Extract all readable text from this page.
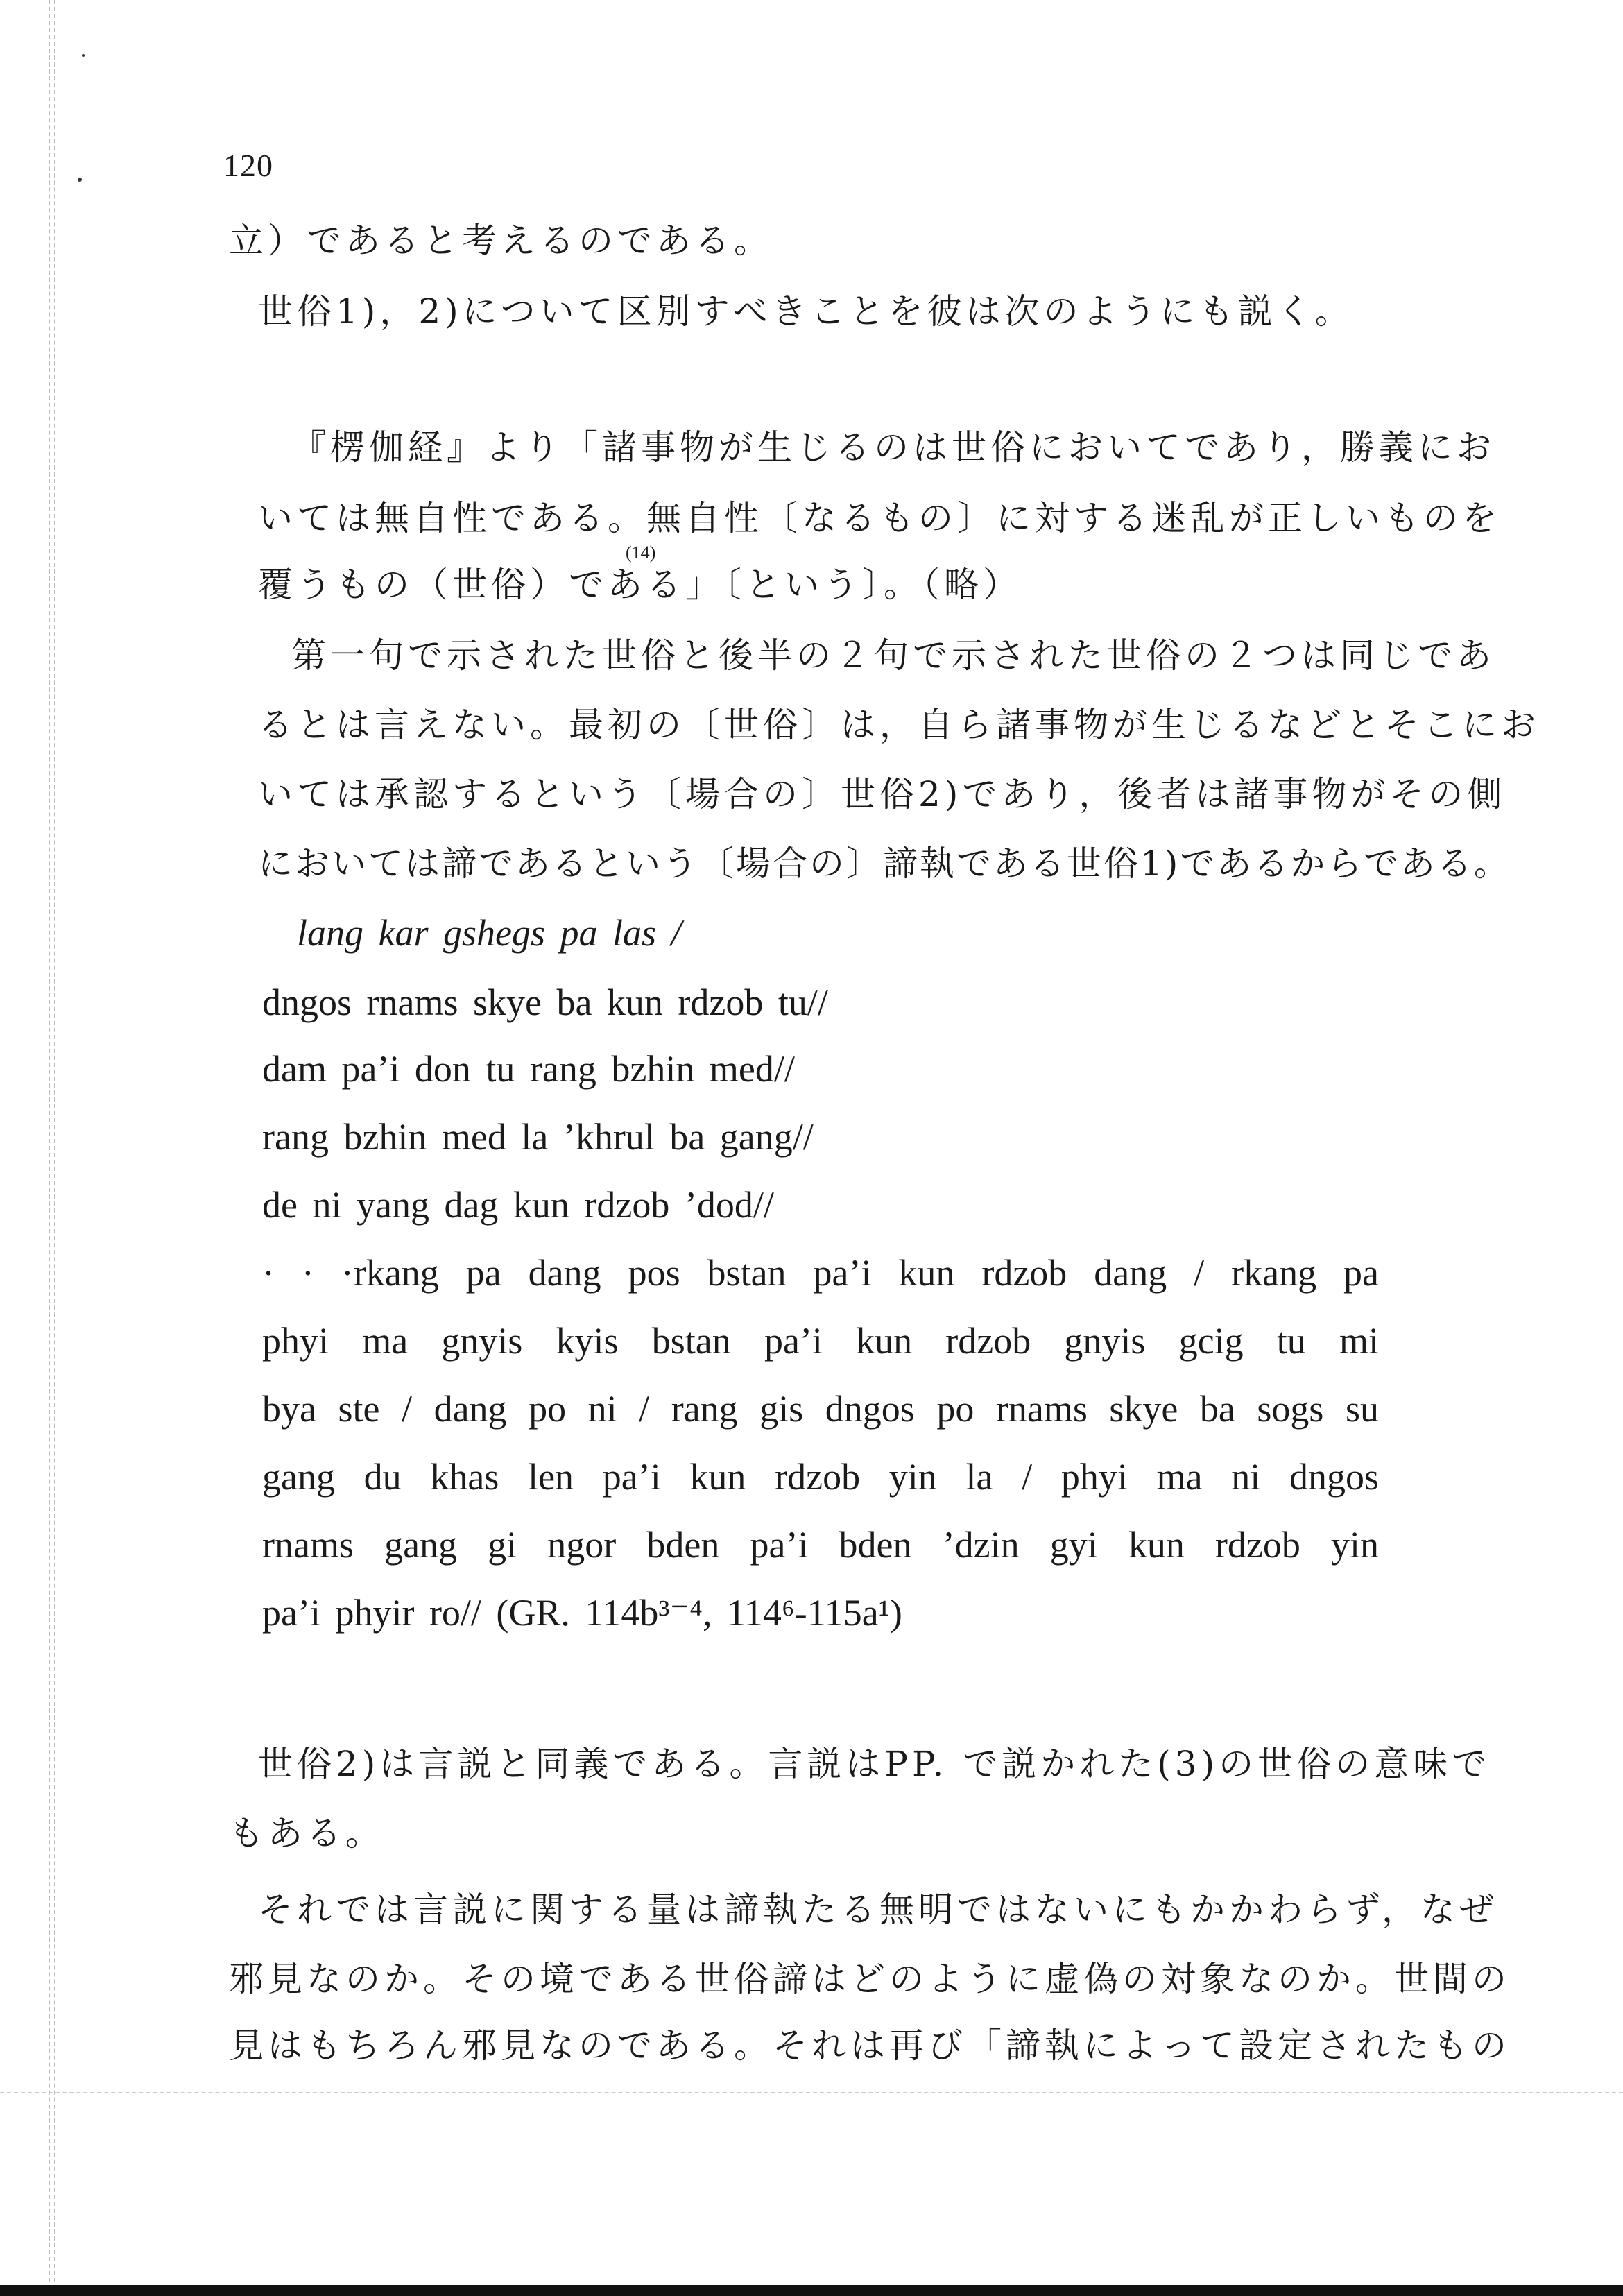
120
立）であると考えるのである。
世俗1)，2)について区別すべきことを彼は次のようにも説く。
『楞伽経』より「諸事物が生じるのは世俗においてであり，勝義にお
いては無自性である。無自性〔なるもの〕に対する迷乱が正しいものを
覆うもの（世俗）である」〔という〕。（略）
(14)
第一句で示された世俗と後半の２句で示された世俗の２つは同じであ
るとは言えない。最初の〔世俗〕は，自ら諸事物が生じるなどとそこにお
いては承認するという〔場合の〕世俗2)であり，後者は諸事物がその側
においては諦であるという〔場合の〕諦執である世俗1)であるからである。
lang kar gshegs pa las /
dngos rnams skye ba kun rdzob tu//
dam pa’i don tu rang bzhin med//
rang bzhin med la ’khrul ba gang//
de ni yang dag kun rdzob ’dod//
· · ·rkang pa dang pos bstan pa’i kun rdzob dang / rkang pa
phyi ma gnyis kyis bstan pa’i kun rdzob gnyis gcig tu mi
bya ste / dang po ni / rang gis dngos po rnams skye ba sogs su
gang du khas len pa’i kun rdzob yin la / phyi ma ni dngos
rnams gang gi ngor bden pa’i bden ’dzin gyi kun rdzob yin
pa’i phyir ro// (GR. 114b³⁻⁴, 114⁶-115a¹)
世俗2)は言説と同義である。言説はPP. で説かれた(3)の世俗の意味で
もある。
それでは言説に関する量は諦執たる無明ではないにもかかわらず，なぜ
邪見なのか。その境である世俗諦はどのように虚偽の対象なのか。世間の
見はもちろん邪見なのである。それは再び「諦執によって設定されたもの
